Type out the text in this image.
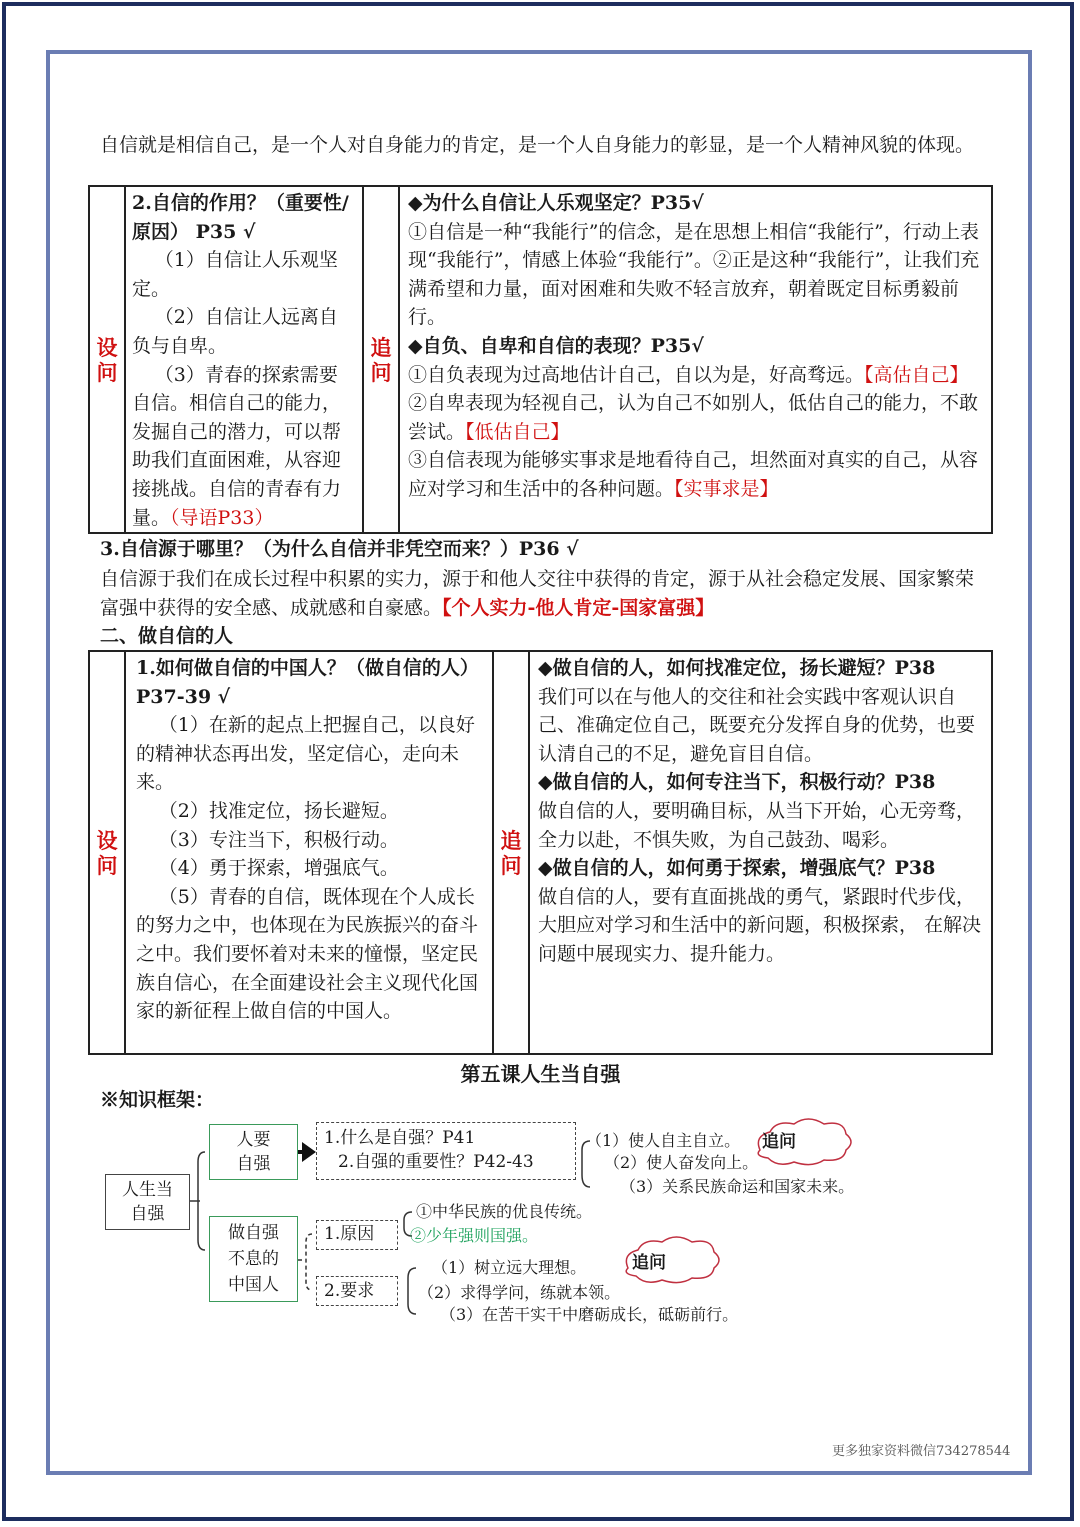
自信就是相信自己，是一个人对自身能力的肯定，是一个人自身能力的彰显，是一个人精神风貌的体现。
设问

2.自信的作用？（重要性/原因） P35 √

（1）自信让人乐观坚定。

（2）自信让人远离自负与自卑。

（3）青春的探索需要自信。相信自己的能力，发掘自己的潜力，可以帮助我们直面困难，从容迎接挑战。自信的青春有力量。（导语P33）

追问

◆为什么自信让人乐观坚定？P35√

①自信是一种“我能行”的信念，是在思想上相信“我能行”，行动上表现“我能行”，情感上体验“我能行”。②正是这种“我能行”，让我们充满希望和力量，面对困难和失败不轻言放弃，朝着既定目标勇毅前行。

◆自负、自卑和自信的表现？P35√

①自负表现为过高地估计自己，自以为是，好高骛远。【高估自己】

②自卑表现为轻视自己，认为自己不如别人，低估自己的能力，不敢尝试。【低估自己】

③自信表现为能够实事求是地看待自己，坦然面对真实的自己，从容应对学习和生活中的各种问题。【实事求是】

3.自信源于哪里？（为什么自信并非凭空而来？）P36 √
自信源于我们在成长过程中积累的实力，源于和他人交往中获得的肯定，源于从社会稳定发展、国家繁荣富强中获得的安全感、成就感和自豪感。【个人实力-他人肯定-国家富强】
二、做自信的人
设问

1.如何做自信的中国人？（做自信的人）P37-39 √

（1）在新的起点上把握自己，以良好的精神状态再出发，坚定信心，走向未来。

（2）找准定位，扬长避短。

（3）专注当下，积极行动。

（4）勇于探索，增强底气。

（5）青春的自信，既体现在个人成长的努力之中，也体现在为民族振兴的奋斗之中。我们要怀着对未来的憧憬，坚定民族自信心，在全面建设社会主义现代化国家的新征程上做自信的中国人。

追问

◆做自信的人，如何找准定位，扬长避短？P38

我们可以在与他人的交往和社会实践中客观认识自己、准确定位自己，既要充分发挥自身的优势，也要认清自己的不足，避免盲目自信。

◆做自信的人，如何专注当下，积极行动？P38

做自信的人，要明确目标，从当下开始，心无旁骛，全力以赴，不惧失败，为自己鼓劲、喝彩。

◆做自信的人，如何勇于探索，增强底气？P38

做自信的人，要有直面挑战的勇气，紧跟时代步伐，大胆应对学习和生活中的新问题，积极探索， 在解决问题中展现实力、提升能力。

第五课人生当自强
※知识框架：
人生当自强
人要自强
1.什么是自强？P41
2.自强的重要性？P42-43
（1）使人自主自立。
（2）使人奋发向上。
（3）关系民族命运和国家未来。
追问
做自强不息的中国人
1.原因
①中华民族的优良传统。
②少年强则国强。
2.要求
（1）树立远大理想。
（2）求得学问，练就本领。
（3）在苦干实干中磨砺成长，砥砺前行。
追问
更多独家资料微信734278544
